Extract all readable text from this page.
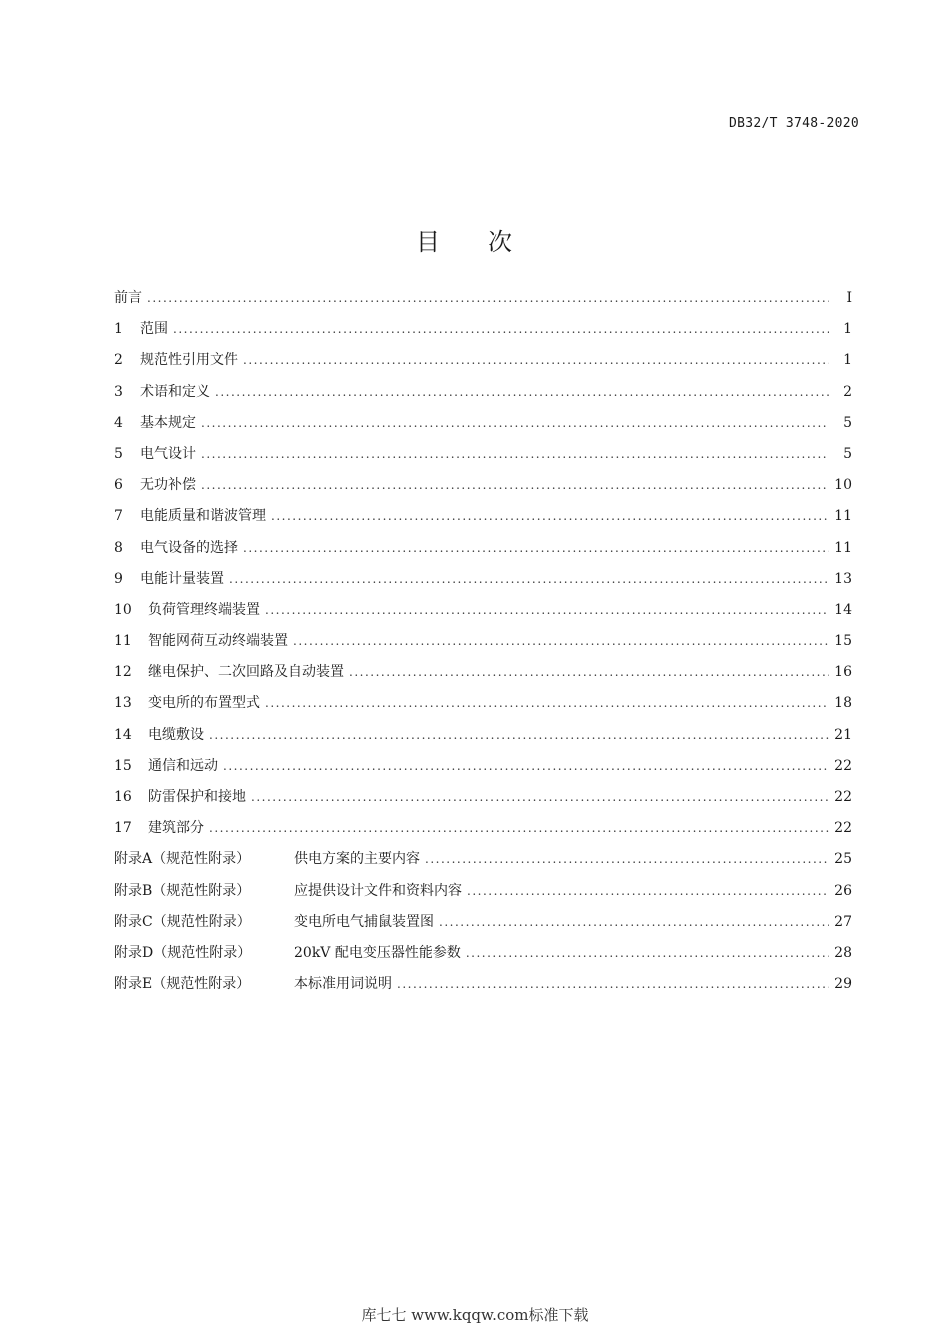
DB32/T 3748-2020
目次
前言 .....	I
1	范围 .....	1
2	规范性引用文件 .....	1
3	术语和定义 .....	2
4	基本规定 .....	5
5	电气设计 .....	5
6	无功补偿 .....	10
7	电能质量和谐波管理 .....	11
8	电气设备的选择 .....	11
9	电能计量装置 .....	13
10	负荷管理终端装置 .....	14
11	智能网荷互动终端装置 .....	15
12	继电保护、二次回路及自动装置 .....	16
13	变电所的布置型式 .....	18
14	电缆敷设 .....	21
15	通信和远动 .....	22
16	防雷保护和接地 .....	22
17	建筑部分 .....	22
附录A（规范性附录）	供电方案的主要内容 .....	25
附录B（规范性附录）	应提供设计文件和资料内容 .....	26
附录C（规范性附录）	变电所电气捕鼠装置图 .....	27
附录D（规范性附录）	20kV 配电变压器性能参数 .....	28
附录E（规范性附录）	本标准用词说明 .....	29
库七七 www.kqqw.com标准下载
